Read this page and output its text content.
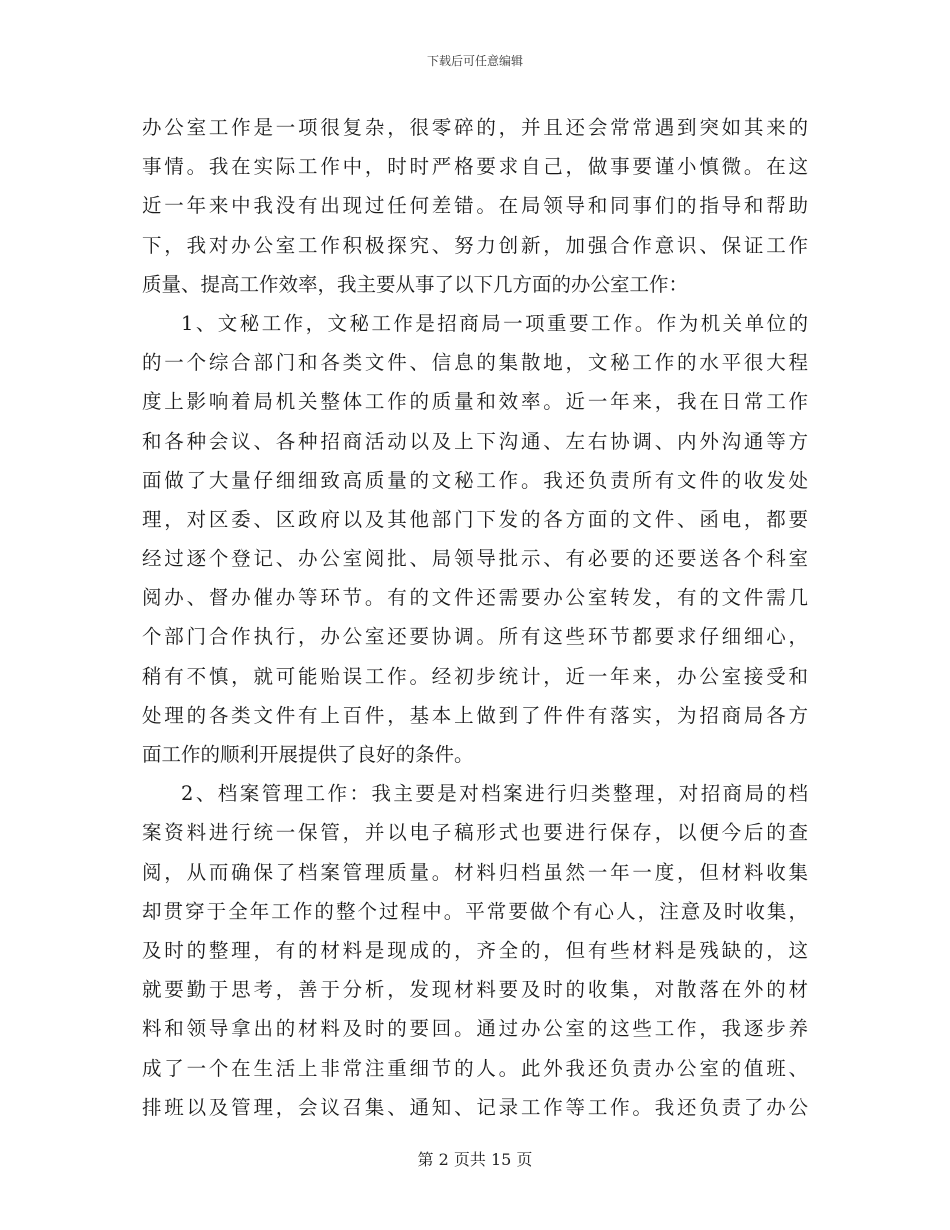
下载后可任意编辑
办公室工作是一项很复杂，很零碎的，并且还会常常遇到突如其来的
事情。我在实际工作中，时时严格要求自己，做事要谨小慎微。在这
近一年来中我没有出现过任何差错。在局领导和同事们的指导和帮助
下，我对办公室工作积极探究、努力创新，加强合作意识、保证工作
质量、提高工作效率，我主要从事了以下几方面的办公室工作：
1、文秘工作，文秘工作是招商局一项重要工作。作为机关单位的
的一个综合部门和各类文件、信息的集散地，文秘工作的水平很大程
度上影响着局机关整体工作的质量和效率。近一年来，我在日常工作
和各种会议、各种招商活动以及上下沟通、左右协调、内外沟通等方
面做了大量仔细细致高质量的文秘工作。我还负责所有文件的收发处
理，对区委、区政府以及其他部门下发的各方面的文件、函电，都要
经过逐个登记、办公室阅批、局领导批示、有必要的还要送各个科室
阅办、督办催办等环节。有的文件还需要办公室转发，有的文件需几
个部门合作执行，办公室还要协调。所有这些环节都要求仔细细心，
稍有不慎，就可能贻误工作。经初步统计，近一年来，办公室接受和
处理的各类文件有上百件，基本上做到了件件有落实，为招商局各方
面工作的顺利开展提供了良好的条件。
2、档案管理工作：我主要是对档案进行归类整理，对招商局的档
案资料进行统一保管，并以电子稿形式也要进行保存，以便今后的查
阅，从而确保了档案管理质量。材料归档虽然一年一度，但材料收集
却贯穿于全年工作的整个过程中。平常要做个有心人，注意及时收集，
及时的整理，有的材料是现成的，齐全的，但有些材料是残缺的，这
就要勤于思考，善于分析，发现材料要及时的收集，对散落在外的材
料和领导拿出的材料及时的要回。通过办公室的这些工作，我逐步养
成了一个在生活上非常注重细节的人。此外我还负责办公室的值班、
排班以及管理，会议召集、通知、记录工作等工作。我还负责了办公
第 2 页共 15 页
